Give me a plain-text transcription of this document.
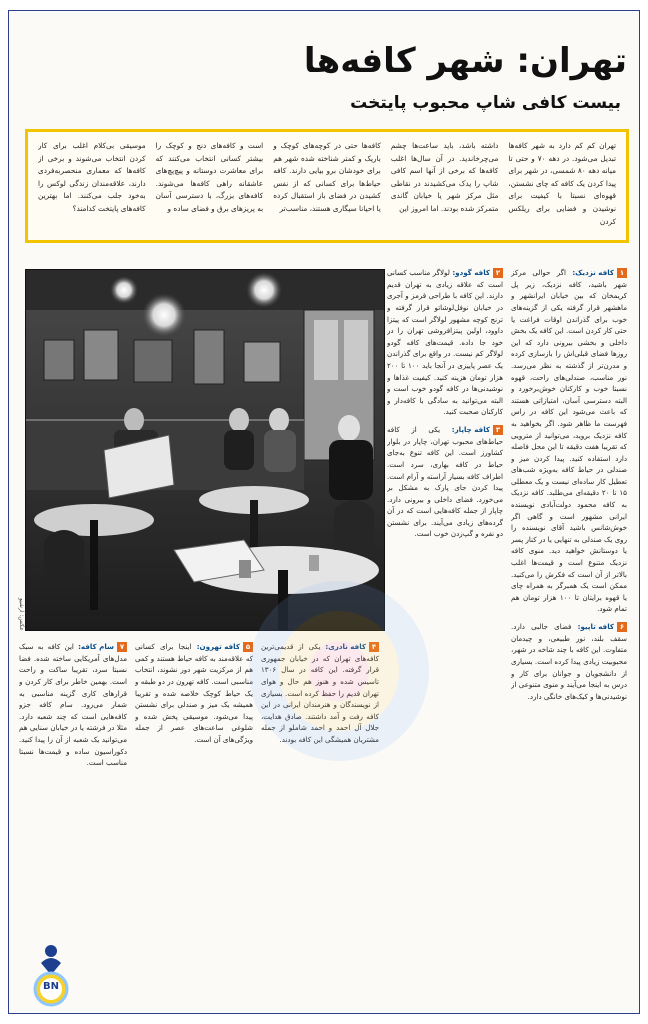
تهران: شهر کافه‌ها
بیست کافی شاپ محبوب پایتخت
تهران کم کم دارد به شهر کافه‌ها تبدیل می‌شود. در دهه ۷۰ و حتی تا میانه دهه ۸۰ شمسی، در شهر برای پیدا کردن یک کافه که چای نشستن، قهوه‌ای نسبتا با کیفیت برای نوشیدن و فضایی برای ریلکس کردن
داشته باشد، باید ساعت‌ها چشم می‌چرخاندید. در آن سال‌ها اغلب کافه‌ها که برخی از آنها اسم کافی شاپ را یدک می‌کشیدند در نقاطی مثل مرکز شهر یا خیابان گاندی متمرکز شده بودند. اما امروز این
کافه‌ها حتی در کوچه‌های کوچک و باریک و کمتر شناخته شده شهر هم برای خودشان برو بیایی دارند. کافه حیاط‌ها برای کسانی که از نفس کشیدن در فضای باز استقبال کرده یا احیانا سیگاری هستند، مناسب‌تر
است و کافه‌های دنج و کوچک را بیشتر کسانی انتخاب می‌کنند که برای معاشرت دوستانه و پیچ‌پچ‌های عاشقانه راهی کافه‌ها می‌شوند. کافه‌های بزرگ، با دسترسی آسان به پریزهای برق و فضای ساده و
موسیقی بی‌کلام اغلب برای کار کردن انتخاب می‌شوند و برخی از کافه‌ها که معماری منحصربه‌فردی دارند، علاقه‌مندان زندگی لوکس را به‌خود جلب می‌کنند. اما بهترین کافه‌های پایتخت کدامند؟

۱
کافه نزدیک:
اگر حوالی مرکز شهر باشید، کافه نزدیک، زیر پل کریمخان که بین خیابان ایرانشهر و ماهشهر قرار گرفته یکی از گزینه‌های خوب برای گذراندن اوقات فراغت یا حتی کار کردن است. این کافه یک بخش داخلی و بخشی بیرونی دارد که این روزها فضای قبلی‌اش را بازسازی کرده و مدرن‌تر از گذشته به نظر می‌رسد. نور مناسب، صندلی‌های راحت، قهوه نسبتا خوب و کارکنان خوش‌برخورد و البته دسترسی آسان، امتیازاتی هستند که باعث می‌شود این کافه در راس فهرست ما ظاهر شود. اگر بخواهید به کافه نزدیک بروید، می‌توانید از مترویی که تقریبا هفت دقیقه تا این محل فاصله دارد استفاده کنید. پیدا کردن میز و صندلی در حیاط کافه به‌ویژه شب‌های تعطیل کار ساده‌ای نیست و یک معطلی ۱۵ تا ۲۰ دقیقه‌ای می‌طلبد. کافه نزدیک به کافه محمود دولت‌آبادی نویسنده ایرانی مشهور است و گاهی اگر خوش‌شانس باشید آقای نویسنده را روی یک صندلی به تنهایی یا در کنار پسر یا دوستانش خواهید دید. منوی کافه نزدیک متنوع است و قیمت‌ها اغلب بالاتر از آن است که فکرش را می‌کنید. ممکن است یک همبرگر به همراه چای یا قهوه برایتان تا ۱۰۰ هزار تومان هم تمام شود.

۶
کافه تاپیو:
فضای جالبی دارد. سقف بلند، نور طبیعی، و چیدمان متفاوت. این کافه با چند شاخه در شهر، محبوبیت زیادی پیدا کرده است. بسیاری از دانشجویان و جوانان برای کار و درس به اینجا می‌آیند و منوی متنوعی از نوشیدنی‌ها و کیک‌های خانگی دارد.

۲
کافه گودو:
لولاگر مناسب کسانی است که علاقه زیادی به تهران قدیم دارند. این کافه با طراحی قرمز و آجری در خیابان نوفل‌لوشاتو قرار گرفته و ترنج کوچه مشهور لولاگر است که پیتزا داوود، اولین پیتزافروشی تهران را در خود جا داده. قیمت‌های کافه گودو لولاگر کم نیست. در واقع برای گذراندن یک عصر پاییزی در آنجا باید ۱۰۰ تا ۲۰۰ هزار تومان هزینه کنید. کیفیت غذاها و نوشیدنی‌ها در کافه گودو خوب است و البته می‌توانید به سادگی با کافه‌دار و کارکنان صحبت کنید.

۳
کافه چاپار:
یکی از کافه حیاط‌های محبوب تهران، چاپار در بلوار کشاورز است. این کافه تنوع به‌جای حیاط در کافه بهاری، سرد است. اطراف کافه بسیار آراسته و آرام است. پیدا کردن جای پارک به مشکل بر می‌خورد. فضای داخلی و بیرونی دارد. چاپار از جمله کافه‌هایی است که در آن گرده‌های زیادی می‌آیند. برای نشستن دو نفره و گپ‌زدن خوب است.

عکس: آرشیو

۴
کافه نادری:
یکی از قدیمی‌ترین کافه‌های تهران که در خیابان جمهوری قرار گرفته. این کافه در سال ۱۳۰۶ تاسیس شده و هنوز هم حال و هوای تهران قدیم را حفظ کرده است. بسیاری از نویسندگان و هنرمندان ایرانی در این کافه رفت و آمد داشتند. صادق هدایت، جلال آل احمد و احمد شاملو از جمله مشتریان همیشگی این کافه بودند.

۵
کافه تهرون:
اینجا برای کسانی که علاقه‌مند به کافه حیاط هستند و کمی هم از مرکزیت شهر دور نشوند، انتخاب مناسبی است. کافه تهرون در دو طبقه و یک حیاط کوچک خلاصه شده و تقریبا همیشه یک میز و صندلی برای نشستن پیدا می‌شود. موسیقی پخش شده و شلوغی ساعت‌های عصر از جمله ویژگی‌های آن است.

۷
سام کافه:
این کافه به سبک مدل‌های آمریکایی ساخته شده. فضا نسبتا سرد، تقریبا ساکت و راحت است. بهمین خاطر برای کار کردن و قرارهای کاری گزینه مناسبی به شمار می‌رود. سام کافه جزو کافه‌هایی است که چند شعبه دارد. مثلا در فرشته یا در خیابان سنایی هم می‌توانید یک شعبه از آن را پیدا کنید. دکوراسیون ساده و قیمت‌ها نسبتا مناسب است.

BN
